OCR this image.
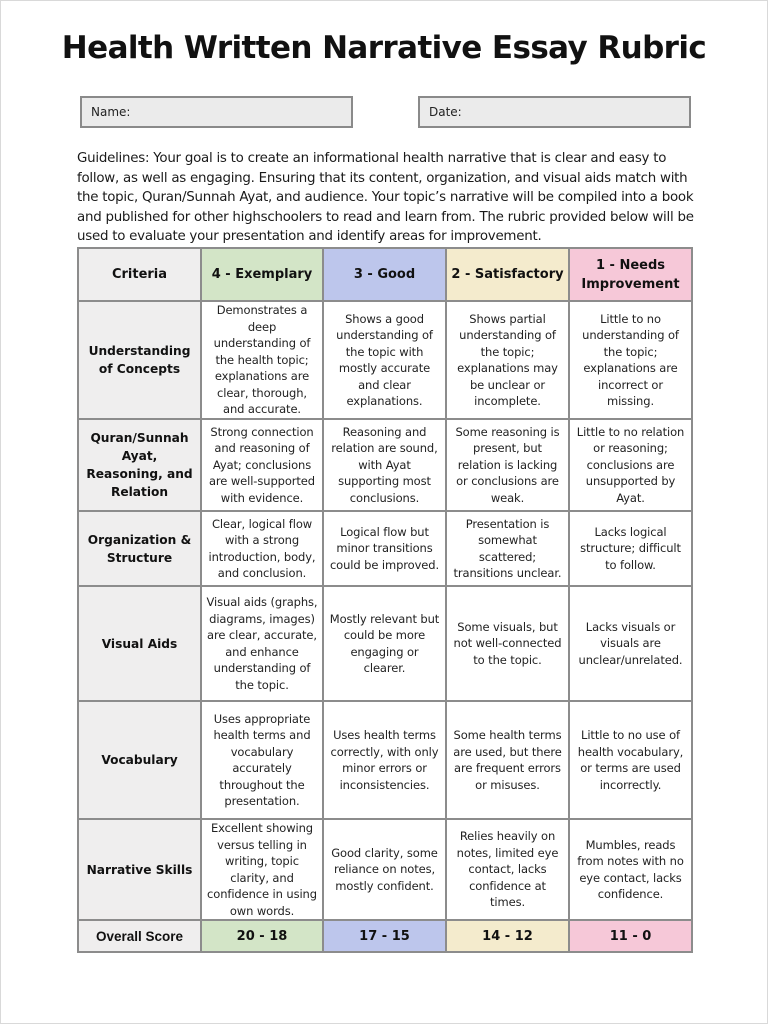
Health Written Narrative Essay Rubric
Name:	Date:

Guidelines: Your goal is to create an informational health narrative that is clear and easy to follow, as well as engaging. Ensuring that its content, organization, and visual aids match with the topic, Quran/Sunnah Ayat, and audience. Your topic’s narrative will be compiled into a book and published for other highschoolers to read and learn from. The rubric provided below will be used to evaluate your presentation and identify areas for improvement.

Criteria	4 - Exemplary	3 - Good	2 - Satisfactory	1 - Needs Improvement
Understanding of Concepts	Demonstrates a deep understanding of the health topic; explanations are clear, thorough, and accurate.	Shows a good understanding of the topic with mostly accurate and clear explanations.	Shows partial understanding of the topic; explanations may be unclear or incomplete.	Little to no understanding of the topic; explanations are incorrect or missing.
Quran/Sunnah Ayat, Reasoning, and Relation	Strong connection and reasoning of Ayat; conclusions are well-supported with evidence.	Reasoning and relation are sound, with Ayat supporting most conclusions.	Some reasoning is present, but relation is lacking or conclusions are weak.	Little to no relation or reasoning; conclusions are unsupported by Ayat.
Organization & Structure	Clear, logical flow with a strong introduction, body, and conclusion.	Logical flow but minor transitions could be improved.	Presentation is somewhat scattered; transitions unclear.	Lacks logical structure; difficult to follow.
Visual Aids	Visual aids (graphs, diagrams, images) are clear, accurate, and enhance understanding of the topic.	Mostly relevant but could be more engaging or clearer.	Some visuals, but not well-connected to the topic.	Lacks visuals or visuals are unclear/unrelated.
Vocabulary	Uses appropriate health terms and vocabulary accurately throughout the presentation.	Uses health terms correctly, with only minor errors or inconsistencies.	Some health terms are used, but there are frequent errors or misuses.	Little to no use of health vocabulary, or terms are used incorrectly.
Narrative Skills	Excellent showing versus telling in writing, topic clarity, and confidence in using own words.	Good clarity, some reliance on notes, mostly confident.	Relies heavily on notes, limited eye contact, lacks confidence at times.	Mumbles, reads from notes with no eye contact, lacks confidence.
Overall Score	20 - 18	17 - 15	14 - 12	11 - 0
